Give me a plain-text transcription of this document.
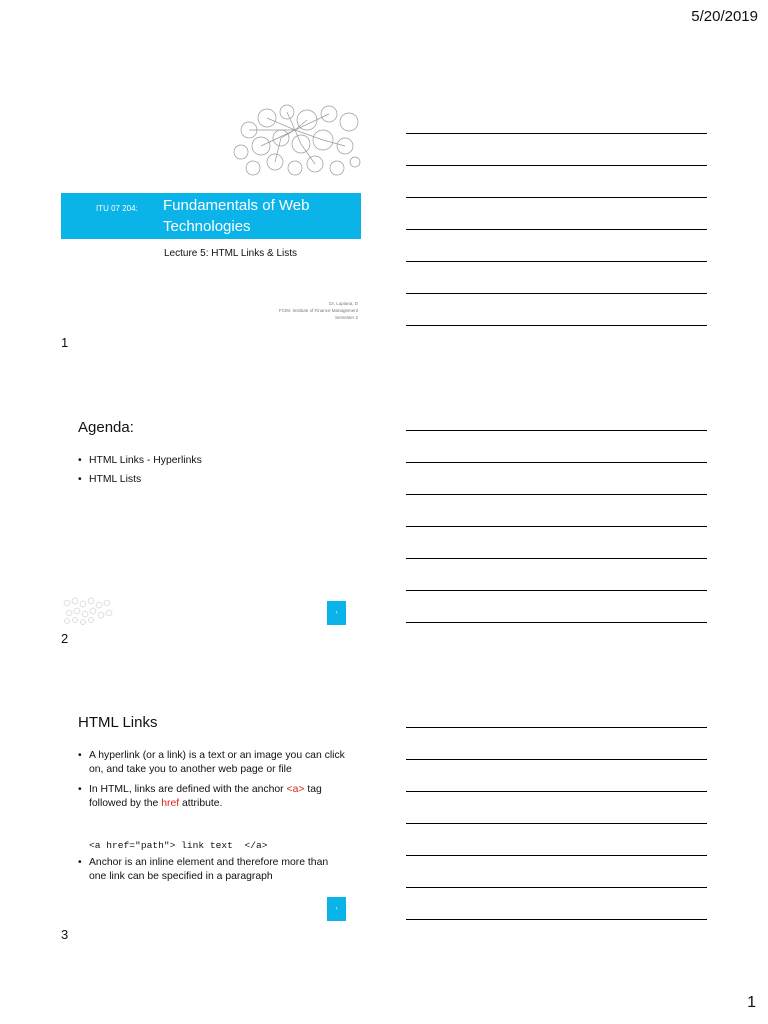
5/20/2019
ITU 07 204: Fundamentals of Web
Technologies
Lecture 5: HTML Links & Lists
Dr. Lupiana, D
FCIM, Institute of Finance Management
Semester 2
1
Agenda:
• HTML Links - Hyperlinks
• HTML Lists
›
2
HTML Links
• A hyperlink (or a link) is a text or an image you can click on, and take you to another web page or file
• In HTML, links are defined with the anchor <a> tag followed by the href attribute.
<a href="path"> link text  </a>
• Anchor is an inline element and therefore more than one link can be specified in a paragraph
›
3
1
